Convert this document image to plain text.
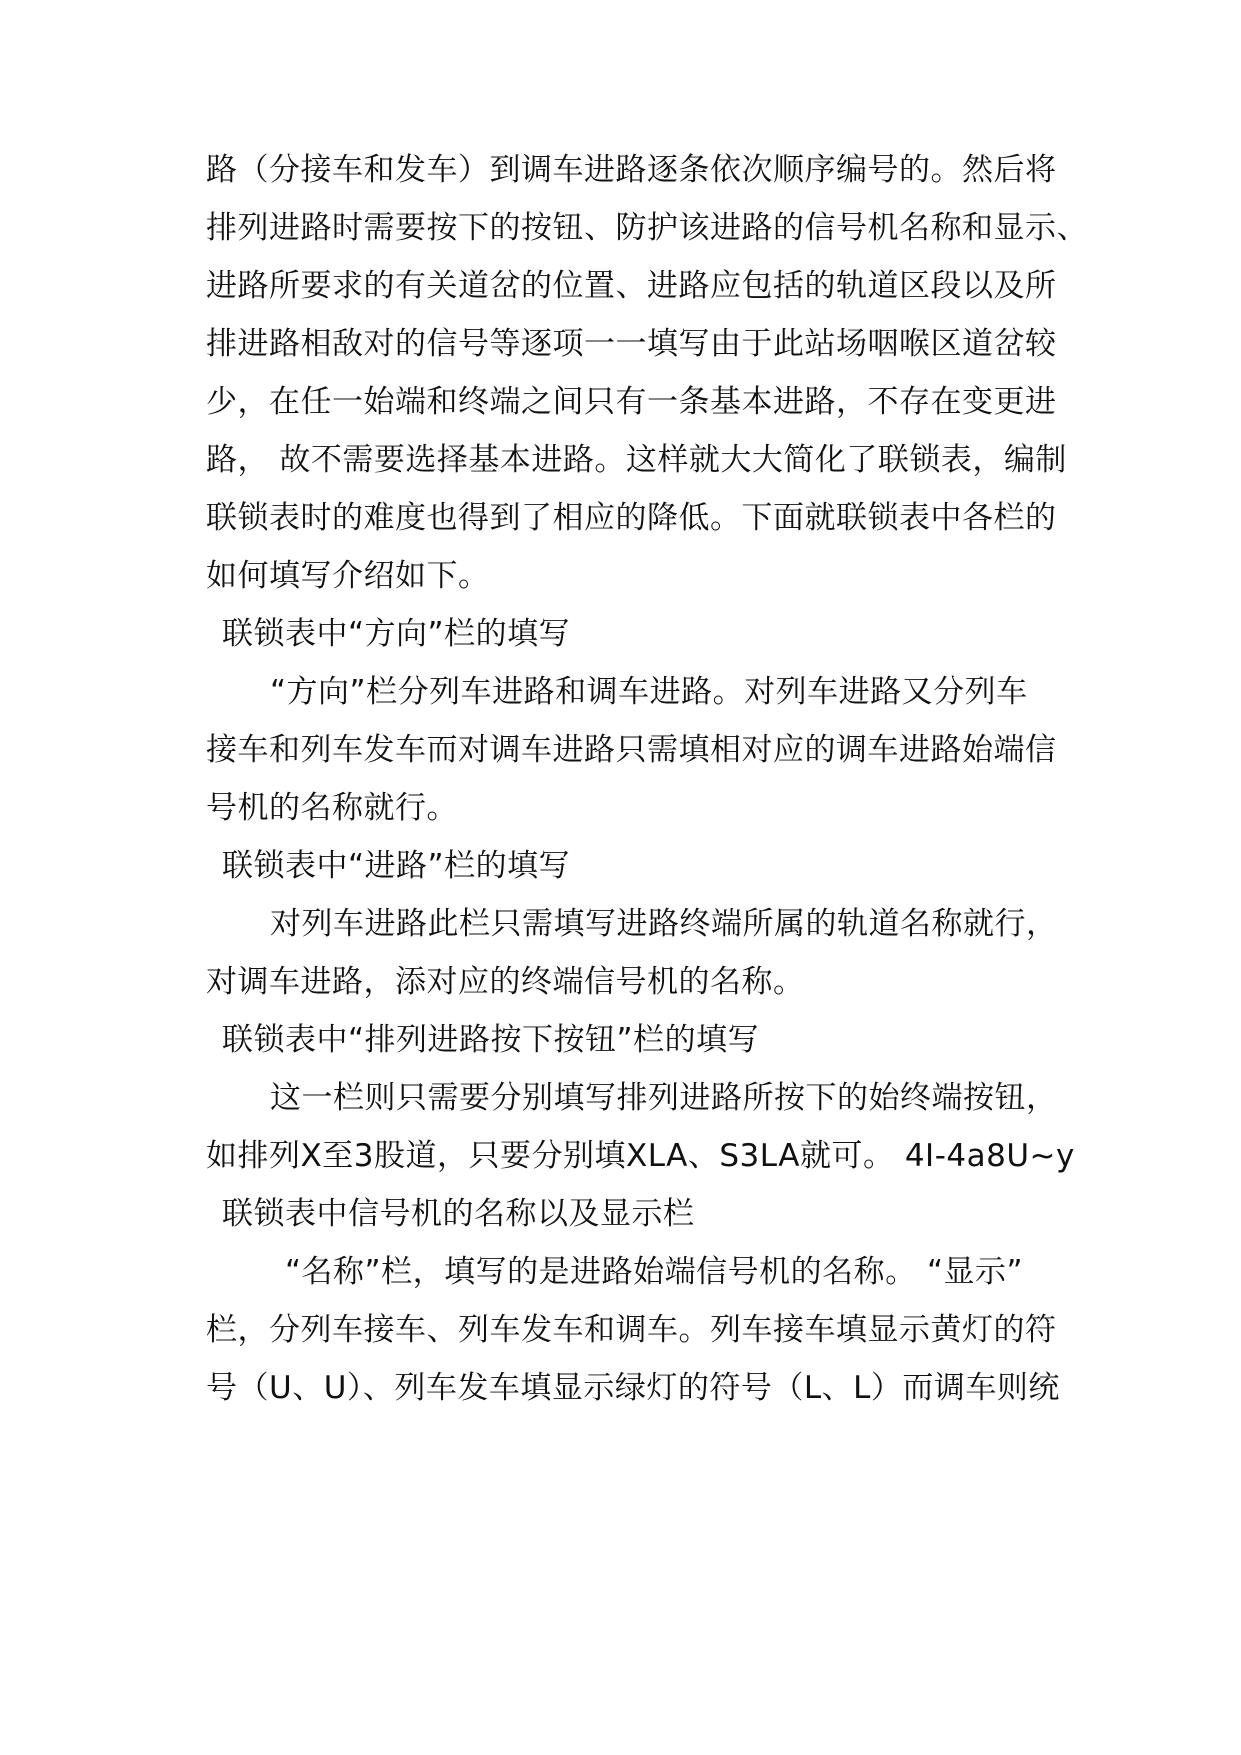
路（分接车和发车）到调车进路逐条依次顺序编号的。然后将
排列进路时需要按下的按钮、防护该进路的信号机名称和显示、
进路所要求的有关道岔的位置、进路应包括的轨道区段以及所
排进路相敌对的信号等逐项一一填写由于此站场咽喉区道岔较
少，在任一始端和终端之间只有一条基本进路，不存在变更进
路， 故不需要选择基本进路。这样就大大简化了联锁表，编制
联锁表时的难度也得到了相应的降低。下面就联锁表中各栏的
如何填写介绍如下。
联锁表中“方向”栏的填写
“方向”栏分列车进路和调车进路。对列车进路又分列车
接车和列车发车而对调车进路只需填相对应的调车进路始端信
号机的名称就行。
联锁表中“进路”栏的填写
对列车进路此栏只需填写进路终端所属的轨道名称就行，
对调车进路，添对应的终端信号机的名称。
联锁表中“排列进路按下按钮”栏的填写
这一栏则只需要分别填写排列进路所按下的始终端按钮，
如排列X至3股道，只要分别填XLA、S3LA就可。 4I-4a8U~y
联锁表中信号机的名称以及显示栏
“名称”栏，填写的是进路始端信号机的名称。 “显示”
栏，分列车接车、列车发车和调车。列车接车填显示黄灯的符
号（U、U）、列车发车填显示绿灯的符号（L、L）而调车则统
